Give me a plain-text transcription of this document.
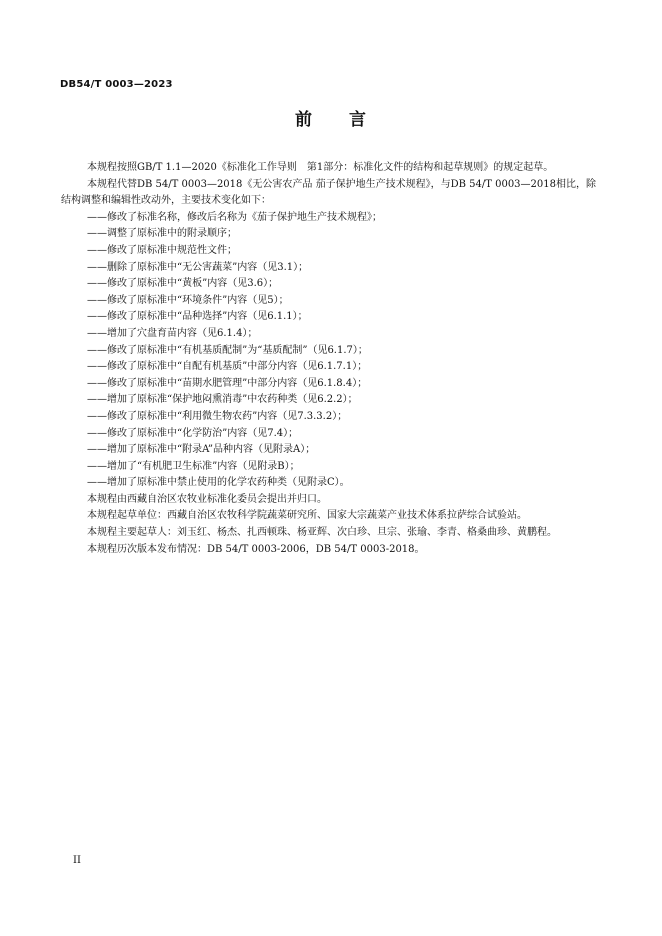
DB54/T 0003—2023
前 言

本规程按照GB/T 1.1—2020《标准化工作导则　第1部分：标准化文件的结构和起草规则》的规定起草。

本规程代替DB 54/T 0003—2018《无公害农产品 茄子保护地生产技术规程》，与DB 54/T 0003—2018相比，除结构调整和编辑性改动外，主要技术变化如下：

——修改了标准名称，修改后名称为《茄子保护地生产技术规程》；

——调整了原标准中的附录顺序；

——修改了原标准中规范性文件；

——删除了原标准中“无公害蔬菜”内容（见3.1）；

——修改了原标准中“黄板”内容（见3.6）；

——修改了原标准中“环境条件”内容（见5）；

——修改了原标准中“品种选择”内容（见6.1.1）；

——增加了穴盘育苗内容（见6.1.4）；

——修改了原标准中“有机基质配制”为“基质配制”（见6.1.7）；

——修改了原标准中“自配有机基质”中部分内容（见6.1.7.1）；

——修改了原标准中“苗期水肥管理”中部分内容（见6.1.8.4）；

——增加了原标准“保护地闷熏消毒”中农药种类（见6.2.2）；

——修改了原标准中“利用微生物农药”内容（见7.3.3.2）；

——修改了原标准中“化学防治”内容（见7.4）；

——增加了原标准中“附录A”品种内容（见附录A）；

——增加了“有机肥卫生标准”内容（见附录B）；

——增加了原标准中禁止使用的化学农药种类（见附录C）。

本规程由西藏自治区农牧业标准化委员会提出并归口。

本规程起草单位：西藏自治区农牧科学院蔬菜研究所、国家大宗蔬菜产业技术体系拉萨综合试验站。

本规程主要起草人：刘玉红、杨杰、扎西顿珠、杨亚辉、次白珍、旦宗、张瑜、李青、格桑曲珍、黄鹏程。

本规程历次版本发布情况：DB 54/T 0003-2006，DB 54/T 0003-2018。

II
